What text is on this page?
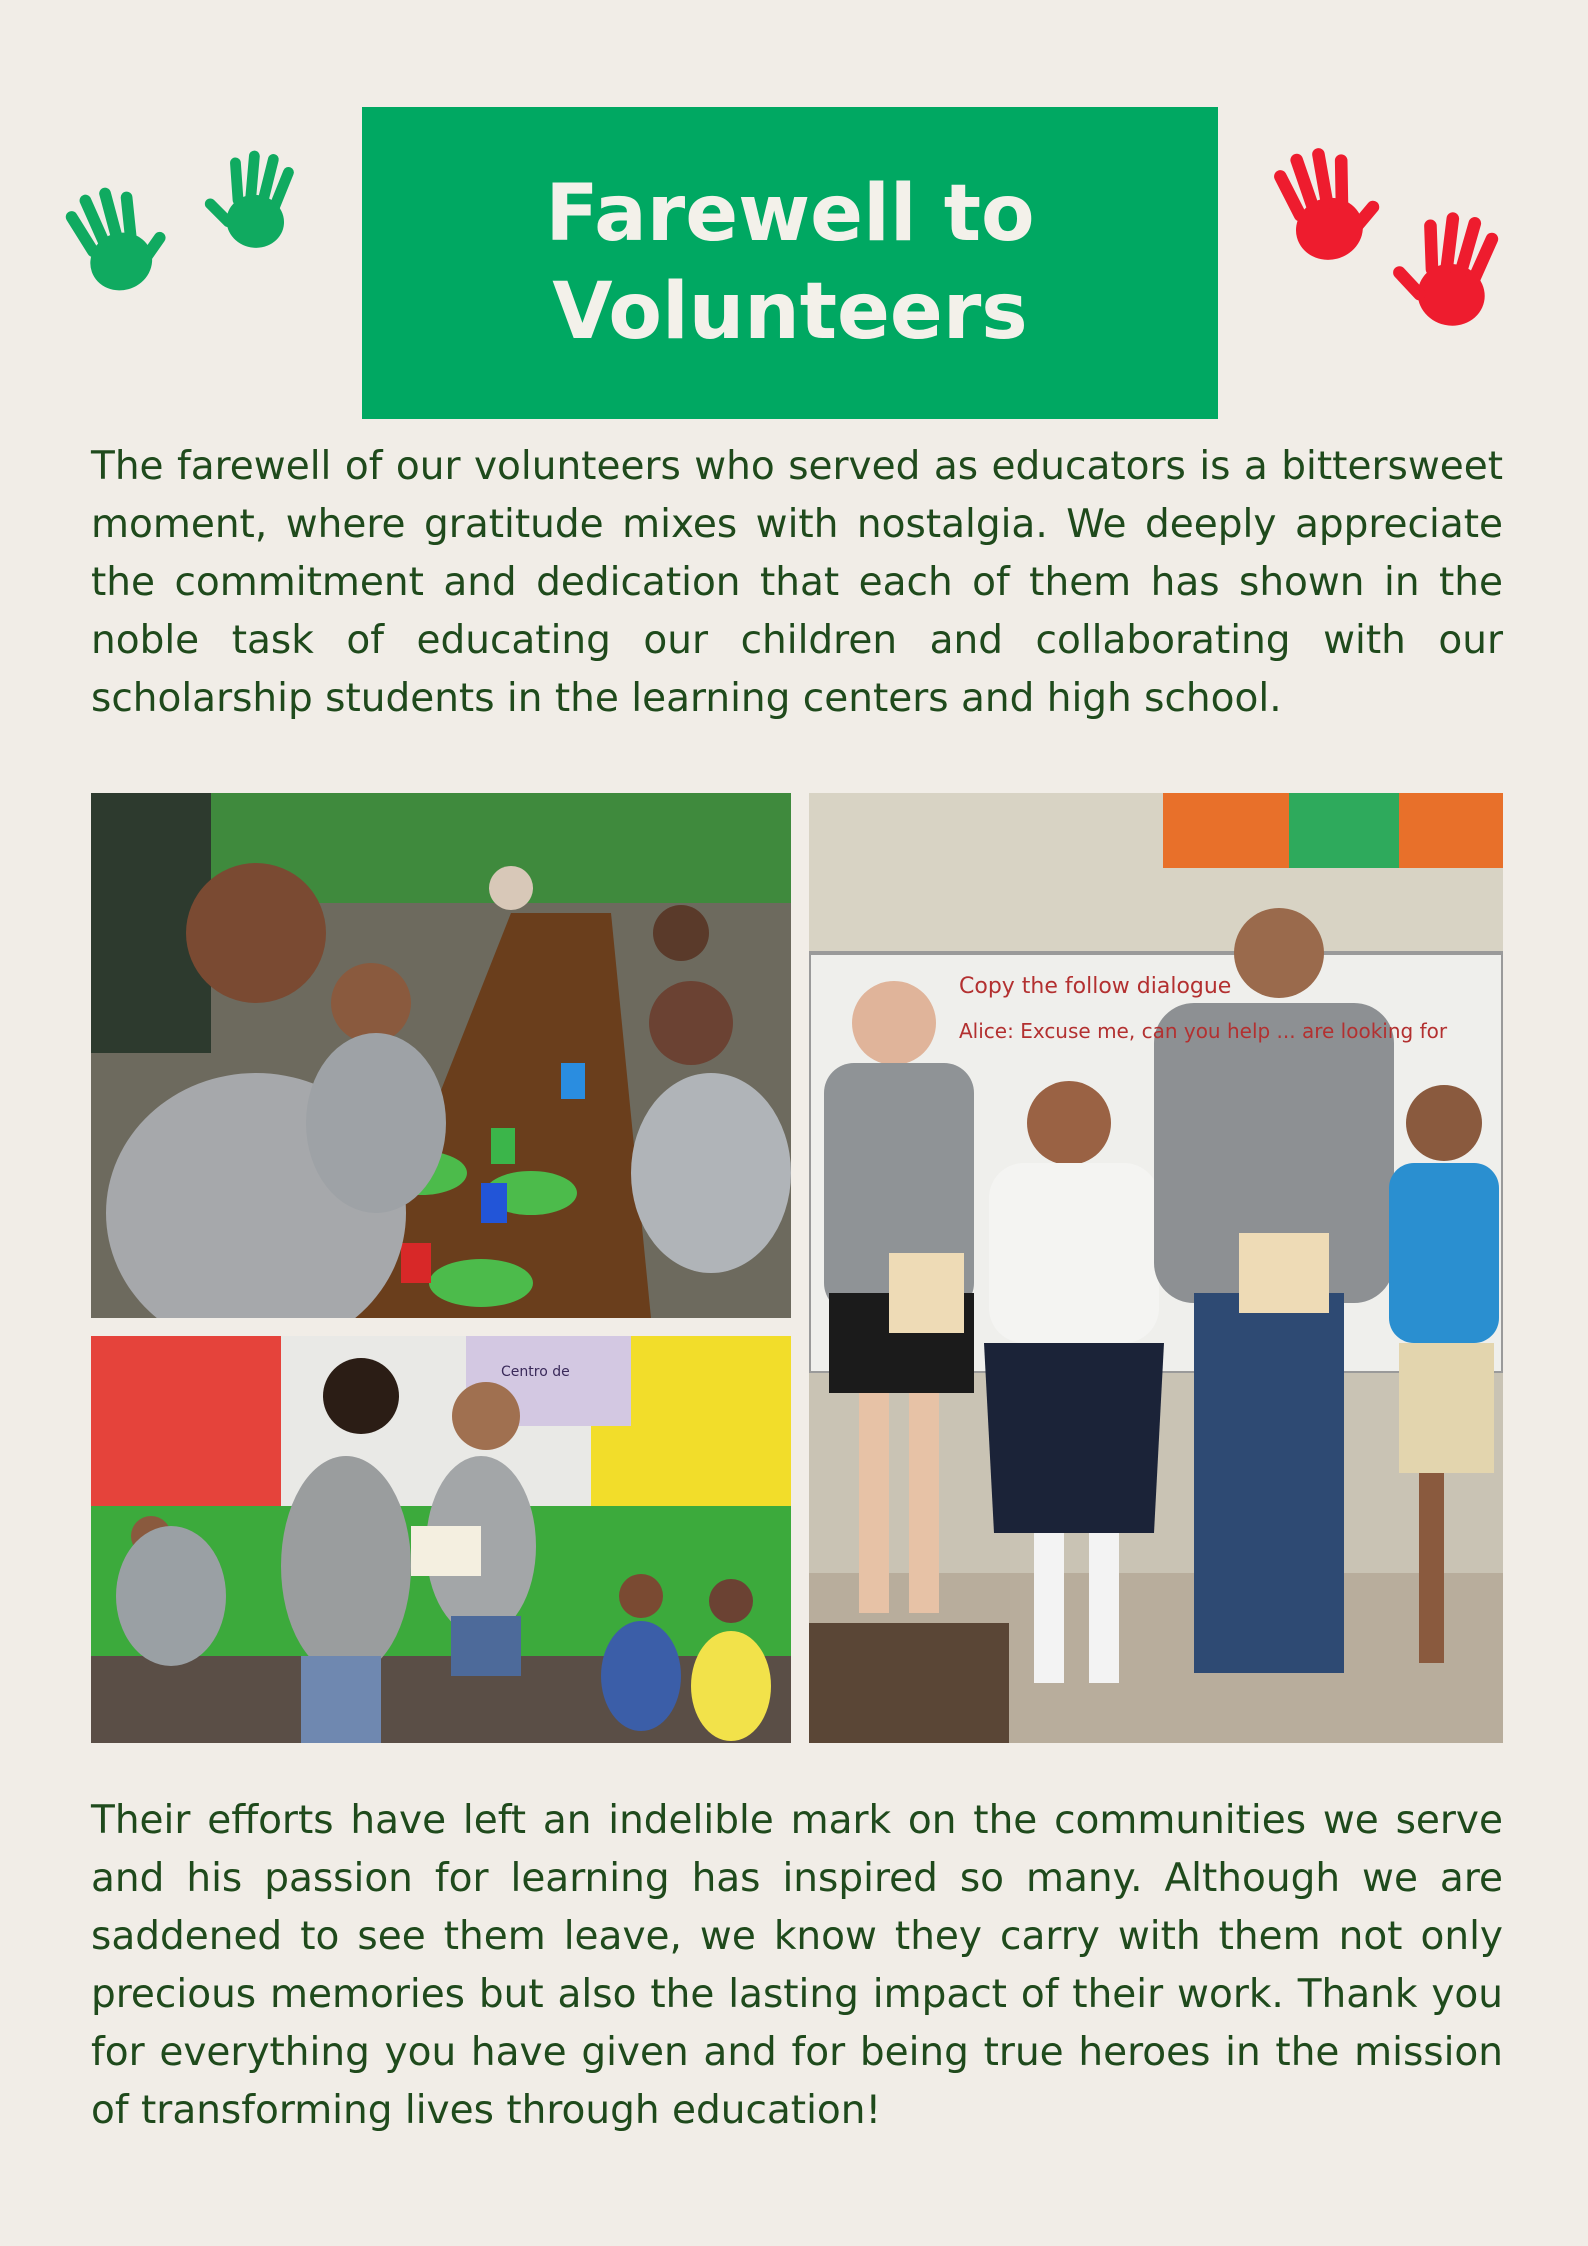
Farewell to Volunteers

The farewell of our volunteers who served as educators is a bittersweet moment, where gratitude mixes with nostalgia. We deeply appreciate the commitment and dedication that each of them has shown in the noble task of educating our children and collaborating with our scholarship students in the learning centers and high school.

Centro de
Copy the follow dialogue
Alice: Excuse me, can you help ... are looking for

Their efforts have left an indelible mark on the communities we serve and his passion for learning has inspired so many. Although we are saddened to see them leave, we know they carry with them not only precious memories but also the lasting impact of their work. Thank you for everything you have given and for being true heroes in the mission of transforming lives through education!
